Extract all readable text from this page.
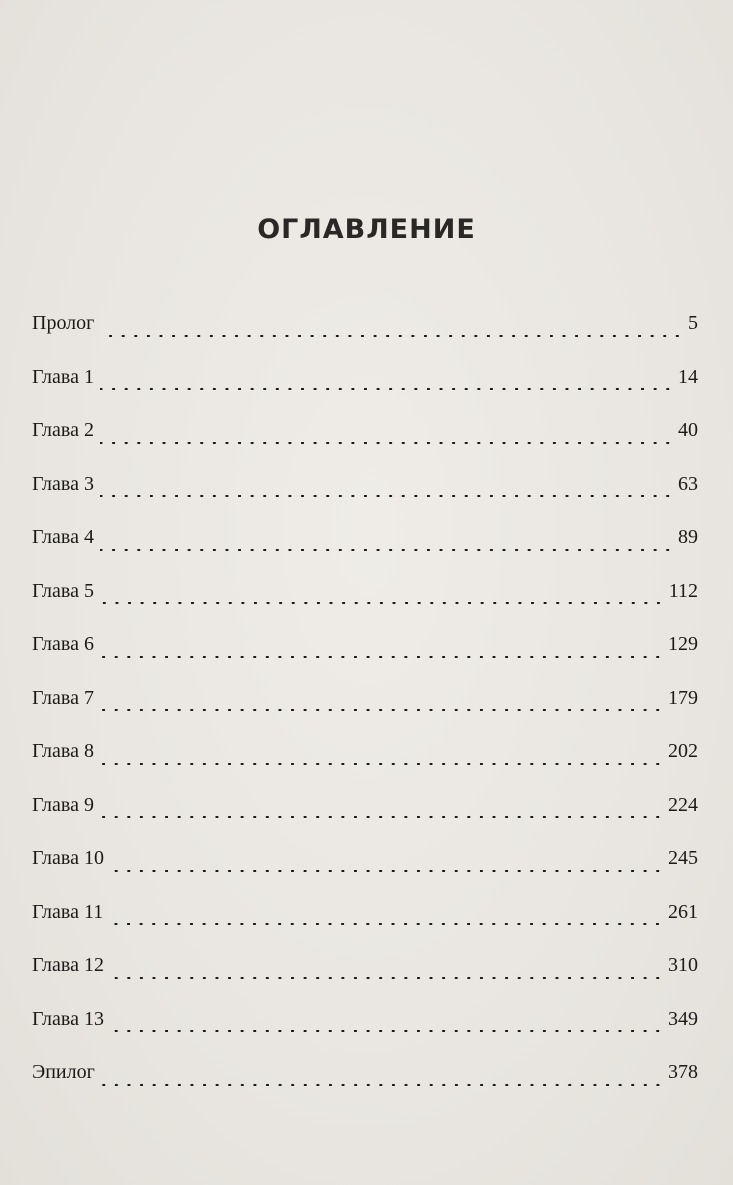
ОГЛАВЛЕНИЕ
Пролог	5
Глава 1	14
Глава 2	40
Глава 3	63
Глава 4	89
Глава 5	112
Глава 6	129
Глава 7	179
Глава 8	202
Глава 9	224
Глава 10	245
Глава 11	261
Глава 12	310
Глава 13	349
Эпилог	378
